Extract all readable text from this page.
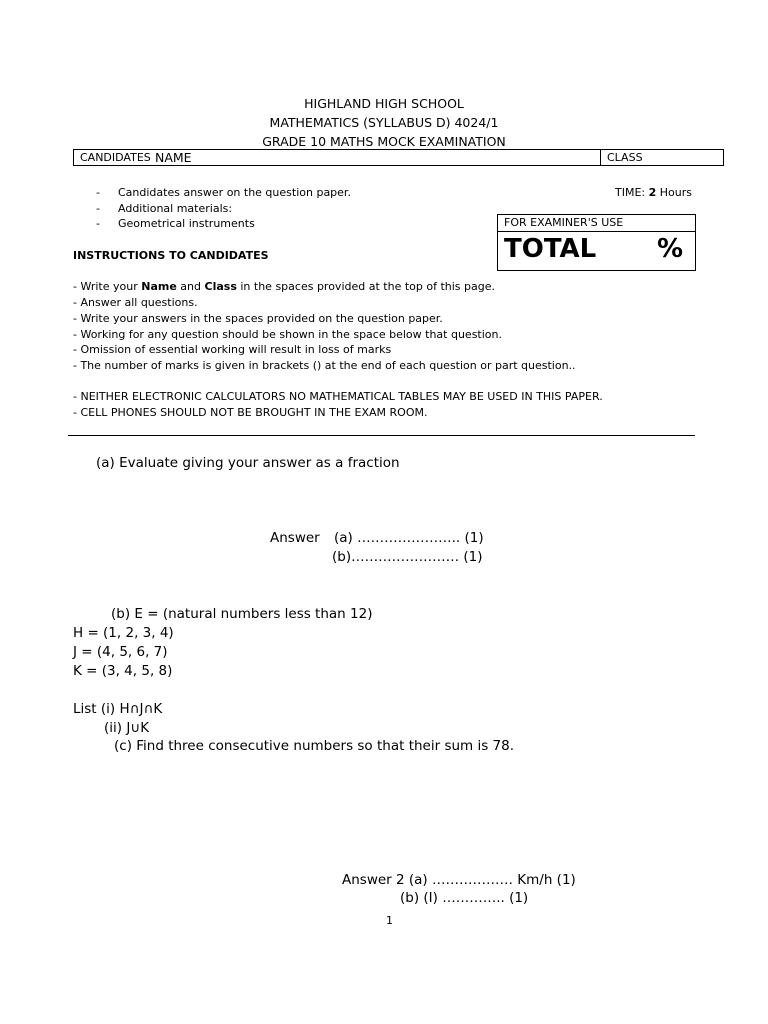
HIGHLAND HIGH SCHOOL
MATHEMATICS (SYLLABUS D) 4024/1
GRADE 10 MATHS MOCK EXAMINATION
CANDIDATES NAME	CLASS
- Candidates answer on the question paper.
- Additional materials:
- Geometrical instruments
TIME: 2 Hours
FOR EXAMINER'S USE
TOTAL %
INSTRUCTIONS TO CANDIDATES
- Write your Name and Class in the spaces provided at the top of this page.
- Answer all questions.
- Write your answers in the spaces provided on the question paper.
- Working for any question should be shown in the space below that question.
- Omission of essential working will result in loss of marks
- The number of marks is given in brackets () at the end of each question or part question..
- NEITHER ELECTRONIC CALCULATORS NO MATHEMATICAL TABLES MAY BE USED IN THIS PAPER.
- CELL PHONES SHOULD NOT BE BROUGHT IN THE EXAM ROOM.
(a) Evaluate giving your answer as a fraction
Answer (a) ………………….. (1)
(b)…………………… (1)
(b) E = (natural numbers less than 12)
H = (1, 2, 3, 4)
J = (4, 5, 6, 7)
K = (3, 4, 5, 8)
List (i) H∩J∩K
(ii) J∪K
(c) Find three consecutive numbers so that their sum is 78.
Answer 2 (a) ……………… Km/h (1)
(b) (I) ………….. (1)
1
